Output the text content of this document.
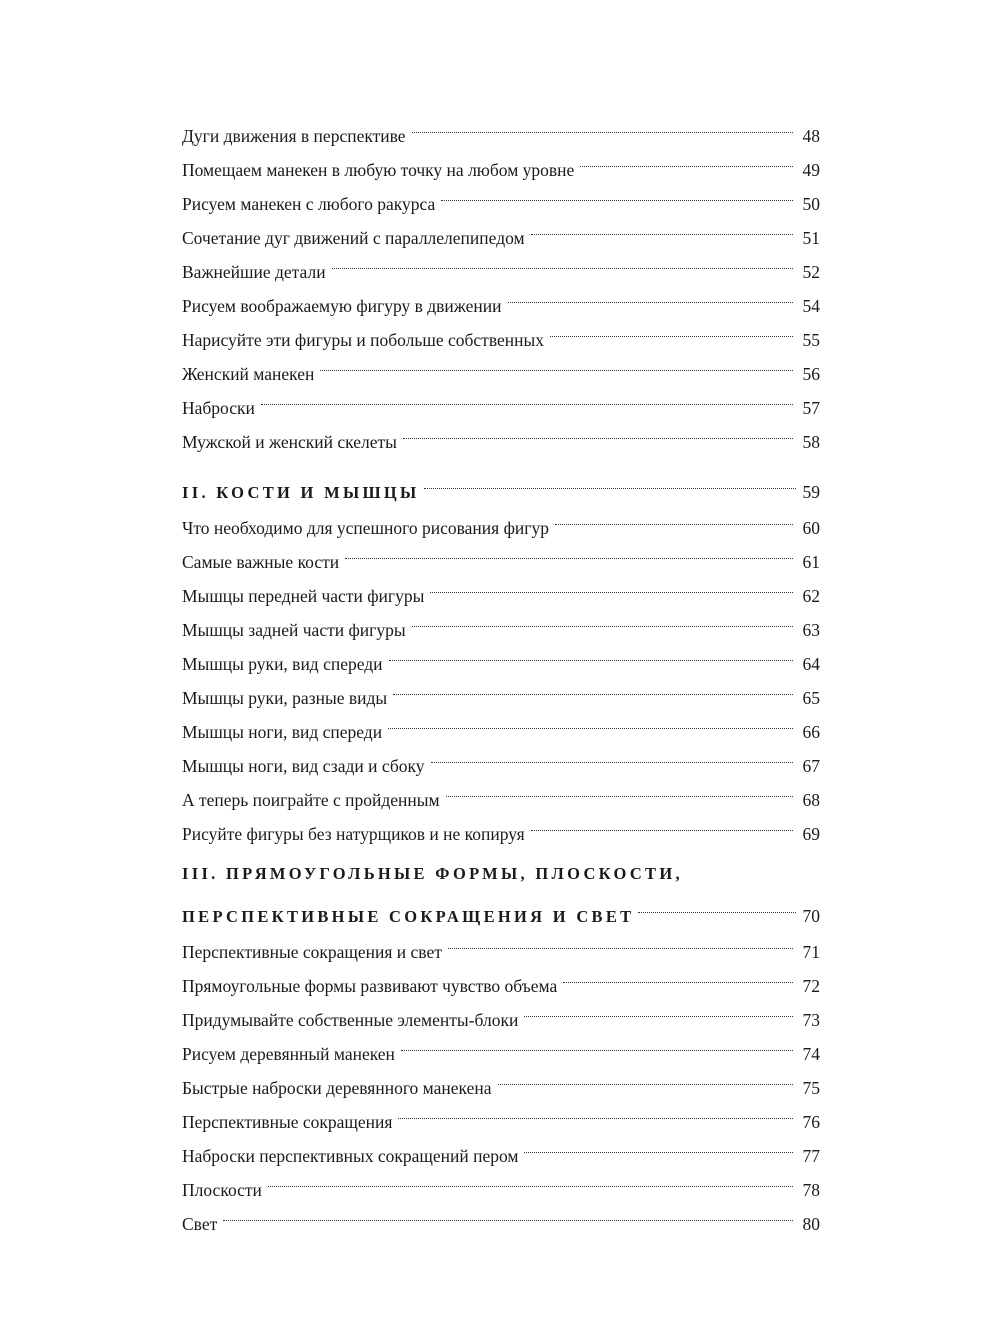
Дуги движения в перспективе	48
Помещаем манекен в любую точку на любом уровне	49
Рисуем манекен с любого ракурса	50
Сочетание дуг движений с параллелепипедом	51
Важнейшие детали	52
Рисуем воображаемую фигуру в движении	54
Нарисуйте эти фигуры и побольше собственных	55
Женский манекен	56
Наброски	57
Мужской и женский скелеты	58
II. КОСТИ И МЫШЦЫ	59
Что необходимо для успешного рисования фигур	60
Самые важные кости	61
Мышцы передней части фигуры	62
Мышцы задней части фигуры	63
Мышцы руки, вид спереди	64
Мышцы руки, разные виды	65
Мышцы ноги, вид спереди	66
Мышцы ноги, вид сзади и сбоку	67
А теперь поиграйте с пройденным	68
Рисуйте фигуры без натурщиков и не копируя	69
III. ПРЯМОУГОЛЬНЫЕ ФОРМЫ, ПЛОСКОСТИ,
ПЕРСПЕКТИВНЫЕ СОКРАЩЕНИЯ И СВЕТ	70
Перспективные сокращения и свет	71
Прямоугольные формы развивают чувство объема	72
Придумывайте собственные элементы-блоки	73
Рисуем деревянный манекен	74
Быстрые наброски деревянного манекена	75
Перспективные сокращения	76
Наброски перспективных сокращений пером	77
Плоскости	78
Свет	80
